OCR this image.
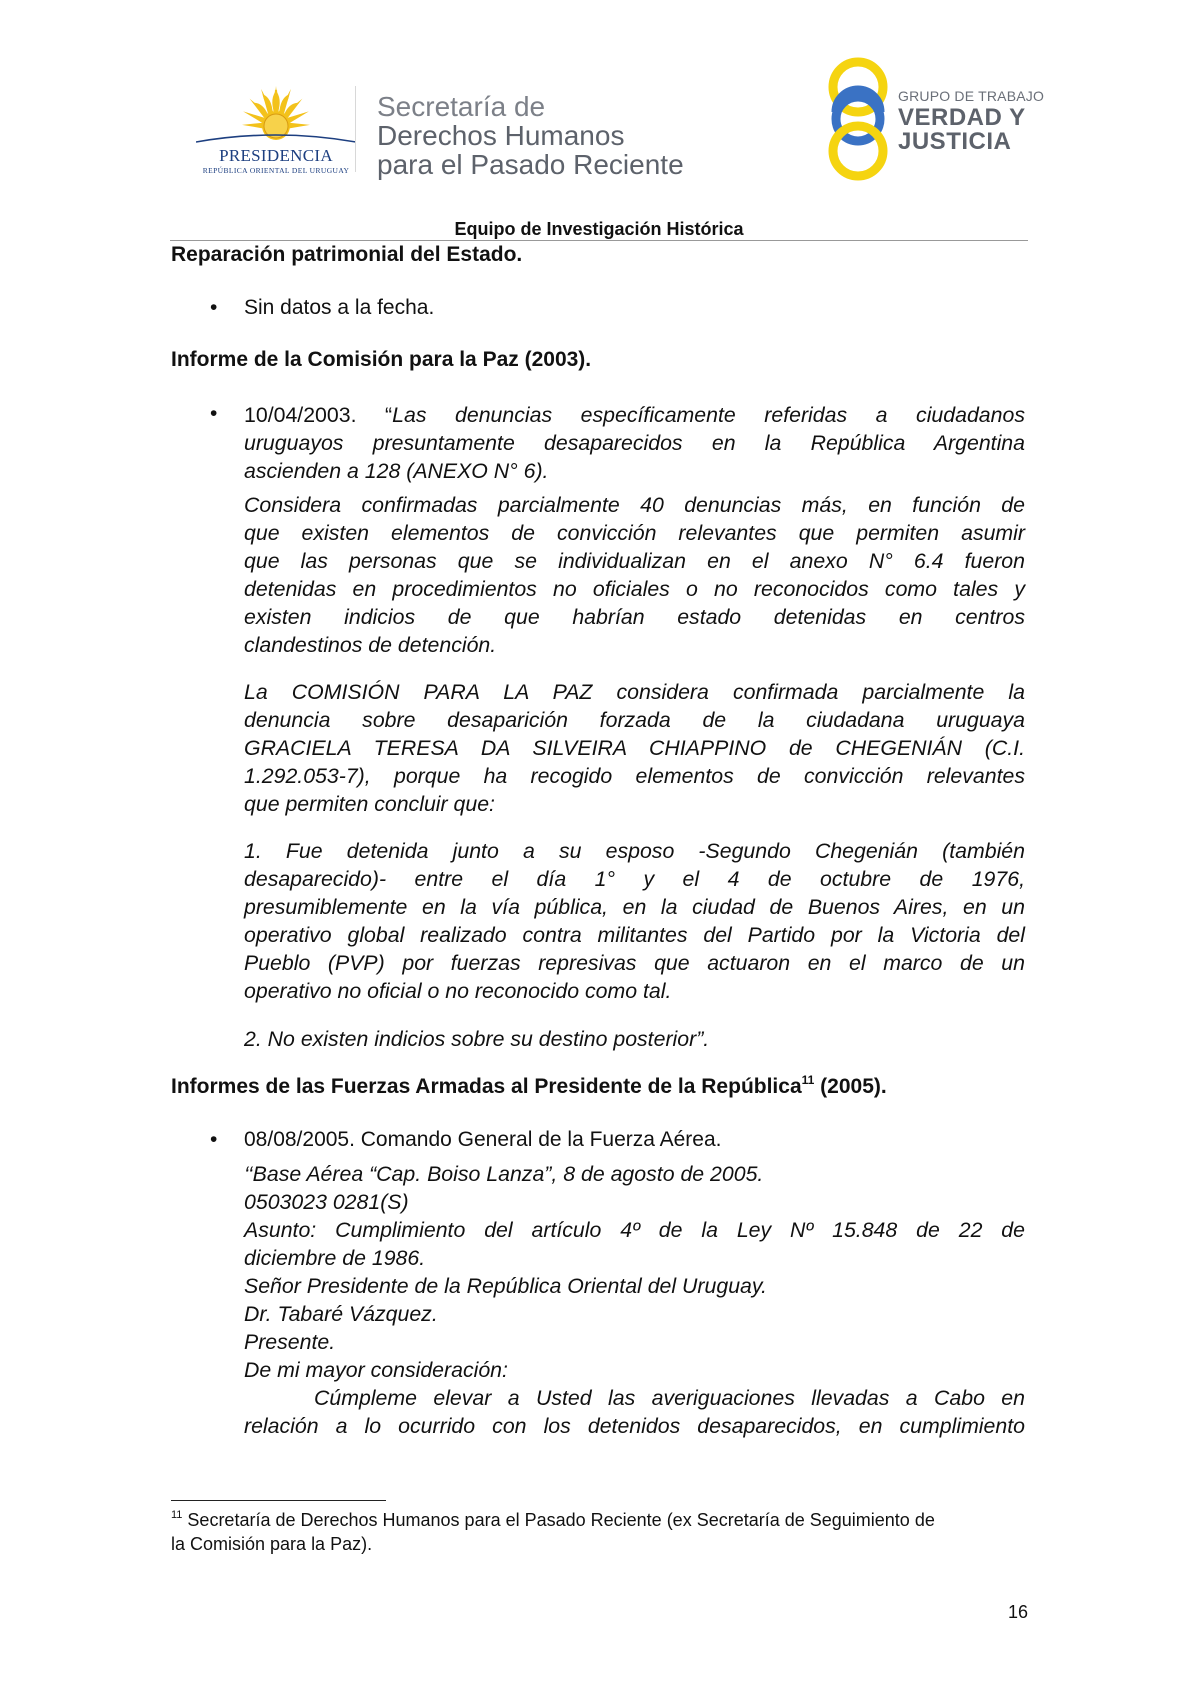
PRESIDENCIA
REPÚBLICA ORIENTAL DEL URUGUAY
Secretaría de
Derechos Humanos
para el Pasado Reciente
GRUPO DE TRABAJO
VERDAD Y
JUSTICIA
Equipo de Investigación Histórica
Reparación patrimonial del Estado.
• Sin datos a la fecha.
Informe de la Comisión para la Paz (2003).
• 10/04/2003. “Las denuncias específicamente referidas a ciudadanos
uruguayos presuntamente desaparecidos en la República Argentina
ascienden a 128 (ANEXO N° 6).
Considera confirmadas parcialmente 40 denuncias más, en función de
que existen elementos de convicción relevantes que permiten asumir
que las personas que se individualizan en el anexo N° 6.4 fueron
detenidas en procedimientos no oficiales o no reconocidos como tales y
existen indicios de que habrían estado detenidas en centros
clandestinos de detención.
La COMISIÓN PARA LA PAZ considera confirmada parcialmente la
denuncia sobre desaparición forzada de la ciudadana uruguaya
GRACIELA TERESA DA SILVEIRA CHIAPPINO de CHEGENIÁN (C.I.
1.292.053-7), porque ha recogido elementos de convicción relevantes
que permiten concluir que:
1. Fue detenida junto a su esposo -Segundo Chegenián (también
desaparecido)- entre el día 1° y el 4 de octubre de 1976,
presumiblemente en la vía pública, en la ciudad de Buenos Aires, en un
operativo global realizado contra militantes del Partido por la Victoria del
Pueblo (PVP) por fuerzas represivas que actuaron en el marco de un
operativo no oficial o no reconocido como tal.
2. No existen indicios sobre su destino posterior”.
Informes de las Fuerzas Armadas al Presidente de la República$^{11}$ (2005).
• 08/08/2005. Comando General de la Fuerza Aérea.
‘‘Base Aérea “Cap. Boiso Lanza”, 8 de agosto de 2005.
0503023 0281(S)
Asunto: Cumplimiento del artículo 4º de la Ley Nº 15.848 de 22 de
diciembre de 1986.
Señor Presidente de la República Oriental del Uruguay.
Dr. Tabaré Vázquez.
Presente.
De mi mayor consideración:
Cúmpleme elevar a Usted las averiguaciones llevadas a Cabo en
relación a lo ocurrido con los detenidos desaparecidos, en cumplimiento
$^{11}$ Secretaría de Derechos Humanos para el Pasado Reciente (ex Secretaría de Seguimiento de
la Comisión para la Paz).
16
